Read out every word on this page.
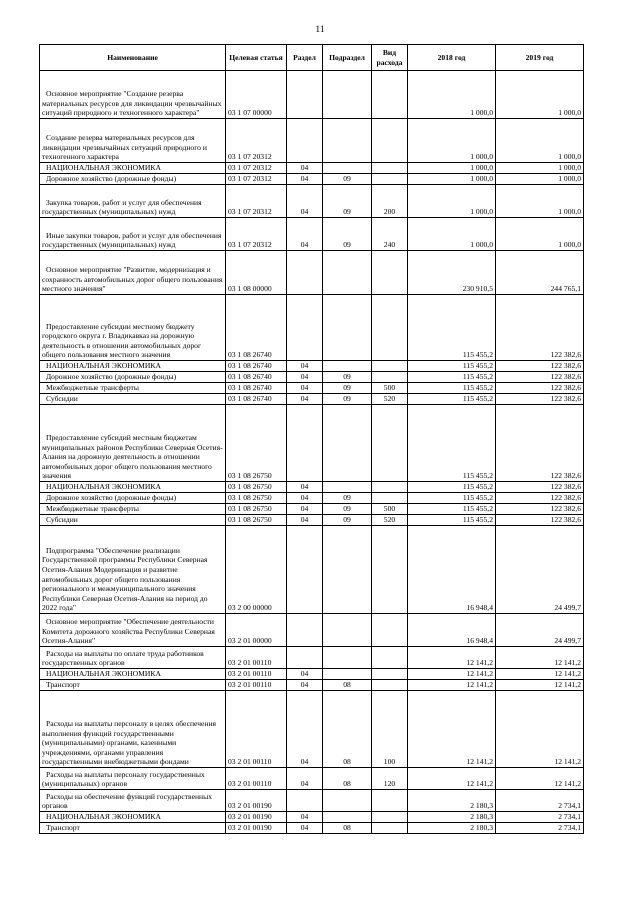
11
Наименование	Целевая статья	Раздел	Подраздел	Вид расхода	2018 год	2019 год
Основное мероприятие "Создание резерва материальных ресурсов для ликвидации чрезвычайных ситуаций природного и техногенного характера"	03 1 07 00000				1 000,0	1 000,0
Создание резерва материальных ресурсов для ликвидации чрезвычайных ситуаций природного и техногенного характера	03 1 07 20312				1 000,0	1 000,0
НАЦИОНАЛЬНАЯ ЭКОНОМИКА	03 1 07 20312	04			1 000,0	1 000,0
Дорожное хозяйство (дорожные фонды)	03 1 07 20312	04	09		1 000,0	1 000,0
Закупка товаров, работ и услуг для обеспечения государственных (муниципальных) нужд	03 1 07 20312	04	09	200	1 000,0	1 000,0
Иные закупки товаров, работ и услуг для обеспечения государственных (муниципальных) нужд	03 1 07 20312	04	09	240	1 000,0	1 000,0
Основное мероприятие "Развитие, модернизация и сохранность автомобильных дорог общего пользования местного значения"	03 1 08 00000				230 910,5	244 765,1
Предоставление субсидии местному бюджету городского округа г. Владикавказ на дорожную деятельность в отношении автомобильных дорог общего пользования местного значения	03 1 08 26740				115 455,2	122 382,6
НАЦИОНАЛЬНАЯ ЭКОНОМИКА	03 1 08 26740	04			115 455,2	122 382,6
Дорожное хозяйство (дорожные фонды)	03 1 08 26740	04	09		115 455,2	122 382,6
Межбюджетные трансферты	03 1 08 26740	04	09	500	115 455,2	122 382,6
Субсидии	03 1 08 26740	04	09	520	115 455,2	122 382,6
Предоставление субсидий местным бюджетам муниципальных районов Республики Северная Осетия-Алания на дорожную деятельность в отношении автомобильных дорог общего пользования местного значения	03 1 08 26750				115 455,2	122 382,6
НАЦИОНАЛЬНАЯ ЭКОНОМИКА	03 1 08 26750	04			115 455,2	122 382,6
Дорожное хозяйство (дорожные фонды)	03 1 08 26750	04	09		115 455,2	122 382,6
Межбюджетные трансферты	03 1 08 26750	04	09	500	115 455,2	122 382,6
Субсидии	03 1 08 26750	04	09	520	115 455,2	122 382,6
Подпрограмма "Обеспечение реализации Государственной программы Республики Северная Осетия-Алания Модернизация и развитие автомобильных дорог общего пользования регионального и межмуниципального значения Республики Северная Осетия-Алания на период до 2022 года"	03 2 00 00000				16 948,4	24 499,7
Основное мероприятие "Обеспечение деятельности Комитета дорожного хозяйства Республики Северная Осетия-Алания"	03 2 01 00000				16 948,4	24 499,7
Расходы на выплаты по оплате труда работников государственных органов	03 2 01 00110				12 141,2	12 141,2
НАЦИОНАЛЬНАЯ ЭКОНОМИКА	03 2 01 00110	04			12 141,2	12 141,2
Транспорт	03 2 01 00110	04	08		12 141,2	12 141,2
Расходы на выплаты персоналу в целях обеспечения выполнения функций государственными (муниципальными) органами, казенными учреждениями, органами управления государственными внебюджетными фондами	03 2 01 00110	04	08	100	12 141,2	12 141,2
Расходы на выплаты персоналу государственных (муниципальных) органов	03 2 01 00110	04	08	120	12 141,2	12 141,2
Расходы на обеспечение функций государственных органов	03 2 01 00190				2 180,3	2 734,1
НАЦИОНАЛЬНАЯ ЭКОНОМИКА	03 2 01 00190	04			2 180,3	2 734,1
Транспорт	03 2 01 00190	04	08		2 180,3	2 734,1
